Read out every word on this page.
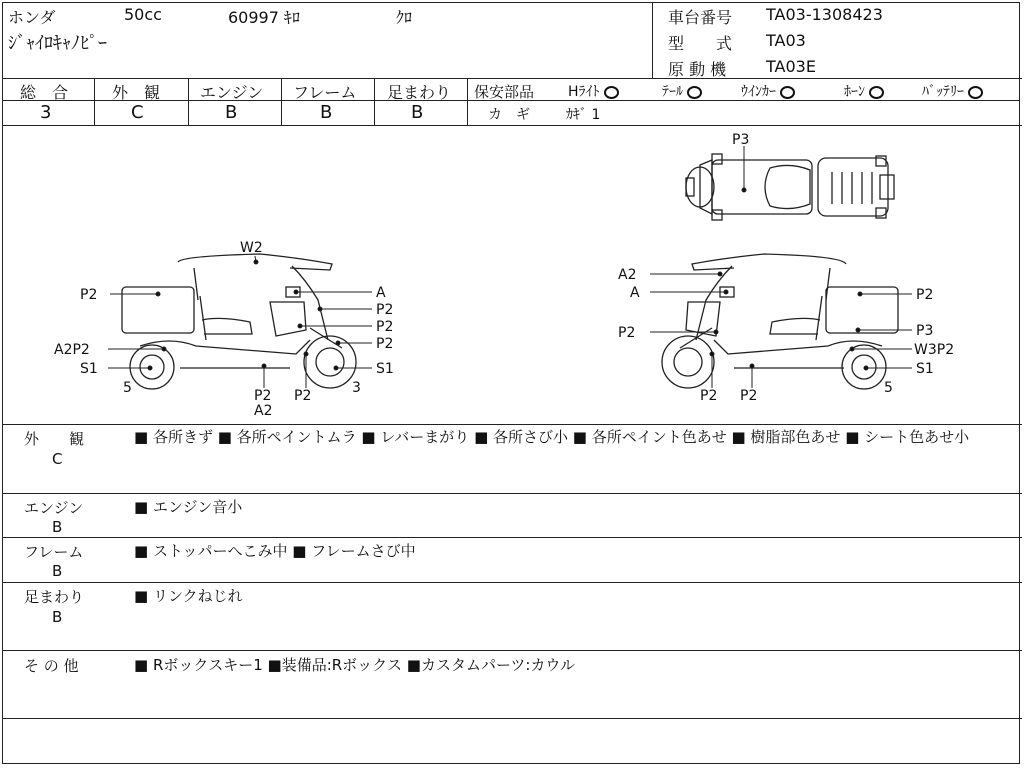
ホンダ	50cc	60997 ｷﾛ	ｸﾛ
ｼﾞｬｲﾛｷｬﾉﾋﾟｰ
車台番号 TA03-1308423
型　　式 TA03
原 動 機 TA03E
総　合
3
外　観
C
エンジン
B
フレーム
B
足まわり
B
保安部品 Hﾗｲﾄ	ﾃｰﾙ	ｳｲﾝｶｰ	ﾎｰﾝ	ﾊﾞｯﾃﾘｰ
カ　ギ	ｶｷﾞ 1
P3
W2
P2	A
P2
P2
P2
A2P2
S1	S1
5	P2
A2
P2	3
A2
A
P2
P2
P3
W3P2
S1
5
P2 P2
外　　観
C
■ 各所きず ■ 各所ペイントムラ ■ レバーまがり ■ 各所さび小 ■ 各所ペイント色あせ ■ 樹脂部色あせ ■ シート色あせ小
エンジン
B
■ エンジン音小
フレーム
B
■ ストッパーへこみ中 ■ フレームさび中
足まわり
B
■ リンクねじれ
そ の 他	■ Rボックスキー1 ■装備品:Rボックス ■カスタムパーツ:カウル
